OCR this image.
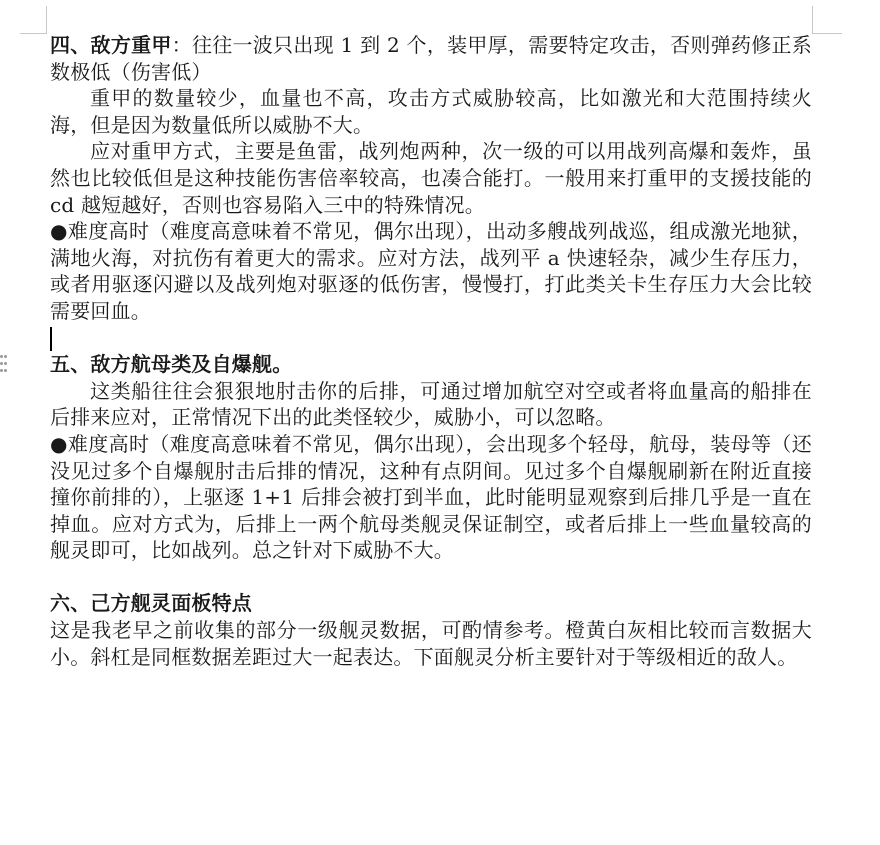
四、敌方重甲：往往一波只出现 1 到 2 个，装甲厚，需要特定攻击，否则弹药修正系数极低（伤害低）

重甲的数量较少，血量也不高，攻击方式威胁较高，比如激光和大范围持续火海，但是因为数量低所以威胁不大。

应对重甲方式，主要是鱼雷，战列炮两种，次一级的可以用战列高爆和轰炸，虽然也比较低但是这种技能伤害倍率较高，也凑合能打。一般用来打重甲的支援技能的 cd 越短越好，否则也容易陷入三中的特殊情况。

●难度高时（难度高意味着不常见，偶尔出现），出动多艘战列战巡，组成激光地狱，满地火海，对抗伤有着更大的需求。应对方法，战列平 a 快速轻杂，减少生存压力，或者用驱逐闪避以及战列炮对驱逐的低伤害，慢慢打，打此类关卡生存压力大会比较需要回血。

五、敌方航母类及自爆舰。

这类船往往会狠狠地肘击你的后排，可通过增加航空对空或者将血量高的船排在后排来应对，正常情况下出的此类怪较少，威胁小，可以忽略。

●难度高时（难度高意味着不常见，偶尔出现），会出现多个轻母，航母，装母等（还没见过多个自爆舰肘击后排的情况，这种有点阴间。见过多个自爆舰刷新在附近直接撞你前排的），上驱逐 1+1 后排会被打到半血，此时能明显观察到后排几乎是一直在掉血。应对方式为，后排上一两个航母类舰灵保证制空，或者后排上一些血量较高的舰灵即可，比如战列。总之针对下威胁不大。

六、己方舰灵面板特点

这是我老早之前收集的部分一级舰灵数据，可酌情参考。橙黄白灰相比较而言数据大小。斜杠是同框数据差距过大一起表达。下面舰灵分析主要针对于等级相近的敌人。
